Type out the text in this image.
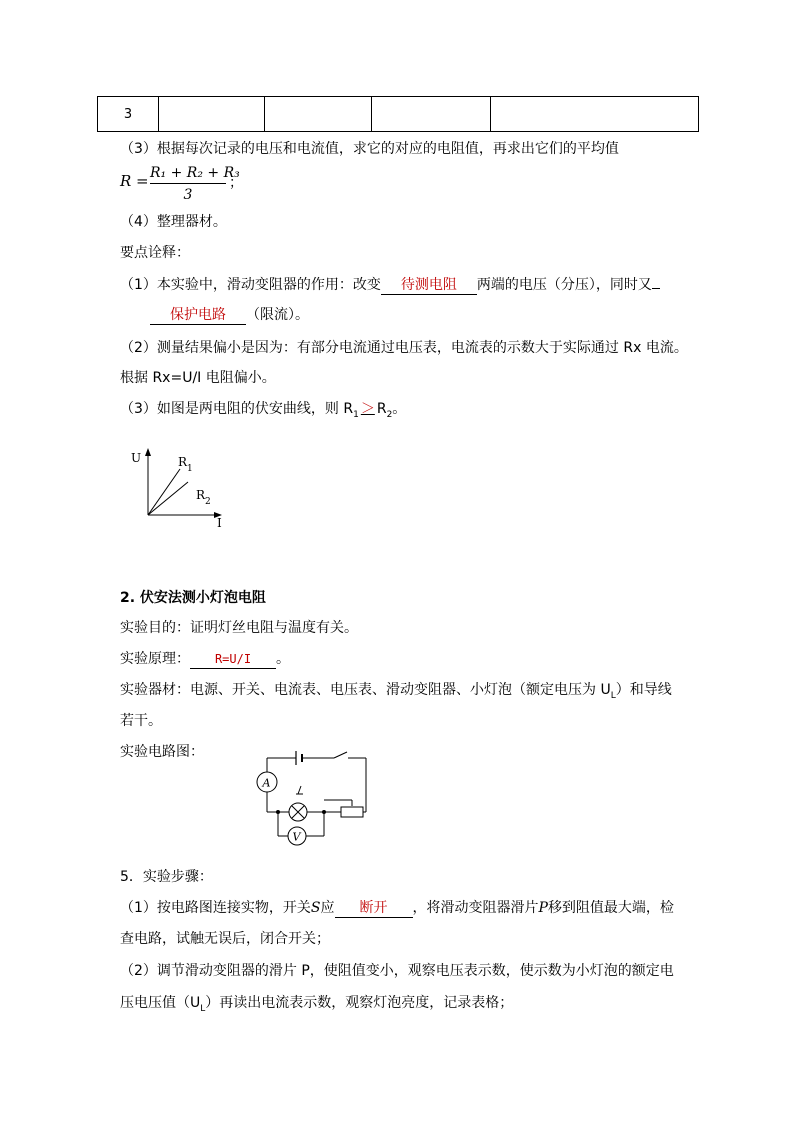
3				
（3）根据每次记录的电压和电流值，求它的对应的电阻值，再求出它们的平均值
R = R₁ + R₂ + R₃
3
；
（4）整理器材。
要点诠释：
（1）本实验中，滑动变阻器的作用：改变 待测电阻 两端的电压（分压），同时又
保护电路 （限流）。
（2）测量结果偏小是因为：有部分电流通过电压表，电流表的示数大于实际通过 Rx 电流。
根据 Rx=U/I 电阻偏小。
（3）如图是两电阻的伏安曲线，则 $R_1 > R_2$。
U
I
R 1
R 2
2. 伏安法测小灯泡电阻
实验目的：证明灯丝电阻与温度有关。
实验原理： R=U/I 。
实验器材：电源、开关、电流表、电压表、滑动变阻器、小灯泡（额定电压为 $U_L$）和导线
若干。
实验电路图：
A
V
5．实验步骤：
（1）按电路图连接实物，开关S应 断开 ，将滑动变阻器滑片P移到阻值最大端，检
查电路，试触无误后，闭合开关；
（2）调节滑动变阻器的滑片 P，使阻值变小，观察电压表示数，使示数为小灯泡的额定电
压电压值$(U_L)$再读出电流表示数，观察灯泡亮度，记录表格；
